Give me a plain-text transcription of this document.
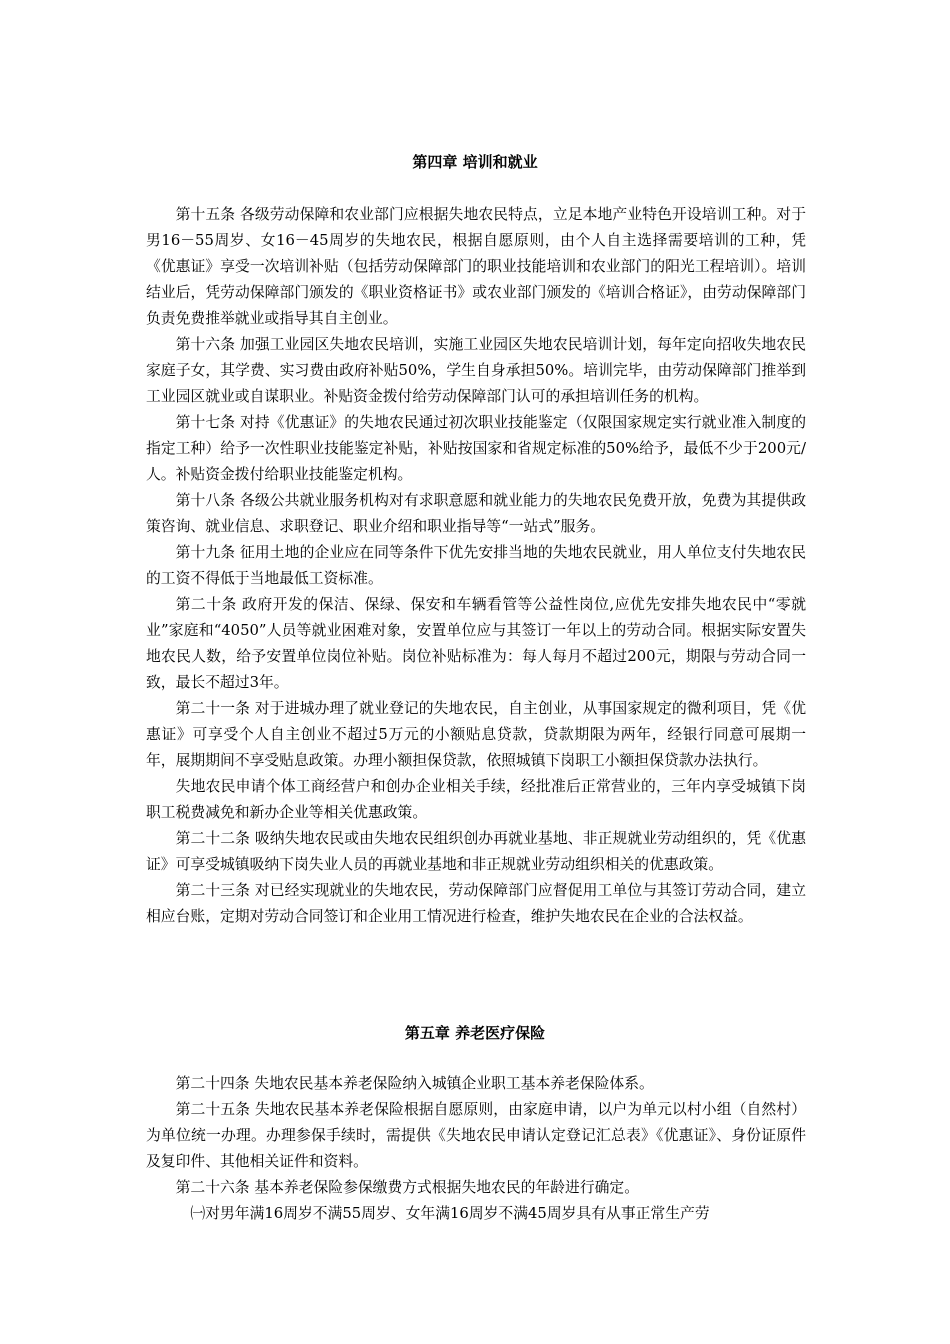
第四章 培训和就业

第十五条 各级劳动保障和农业部门应根据失地农民特点，立足本地产业特色开设培训工种。对于男16－55周岁、女16－45周岁的失地农民，根据自愿原则，由个人自主选择需要培训的工种，凭《优惠证》享受一次培训补贴（包括劳动保障部门的职业技能培训和农业部门的阳光工程培训）。培训结业后，凭劳动保障部门颁发的《职业资格证书》或农业部门颁发的《培训合格证》，由劳动保障部门负责免费推举就业或指导其自主创业。

第十六条 加强工业园区失地农民培训，实施工业园区失地农民培训计划，每年定向招收失地农民家庭子女，其学费、实习费由政府补贴50%，学生自身承担50%。培训完毕，由劳动保障部门推举到工业园区就业或自谋职业。补贴资金拨付给劳动保障部门认可的承担培训任务的机构。

第十七条 对持《优惠证》的失地农民通过初次职业技能鉴定（仅限国家规定实行就业准入制度的指定工种）给予一次性职业技能鉴定补贴，补贴按国家和省规定标准的50%给予，最低不少于200元/人。补贴资金拨付给职业技能鉴定机构。

第十八条 各级公共就业服务机构对有求职意愿和就业能力的失地农民免费开放，免费为其提供政策咨询、就业信息、求职登记、职业介绍和职业指导等“一站式”服务。

第十九条 征用土地的企业应在同等条件下优先安排当地的失地农民就业，用人单位支付失地农民的工资不得低于当地最低工资标准。

第二十条 政府开发的保洁、保绿、保安和车辆看管等公益性岗位,应优先安排失地农民中“零就业”家庭和“4050”人员等就业困难对象，安置单位应与其签订一年以上的劳动合同。根据实际安置失地农民人数，给予安置单位岗位补贴。岗位补贴标准为：每人每月不超过200元，期限与劳动合同一致，最长不超过3年。

第二十一条 对于进城办理了就业登记的失地农民，自主创业，从事国家规定的微利项目，凭《优惠证》可享受个人自主创业不超过5万元的小额贴息贷款，贷款期限为两年，经银行同意可展期一年，展期期间不享受贴息政策。办理小额担保贷款，依照城镇下岗职工小额担保贷款办法执行。

失地农民申请个体工商经营户和创办企业相关手续，经批准后正常营业的，三年内享受城镇下岗职工税费减免和新办企业等相关优惠政策。

第二十二条 吸纳失地农民或由失地农民组织创办再就业基地、非正规就业劳动组织的，凭《优惠证》可享受城镇吸纳下岗失业人员的再就业基地和非正规就业劳动组织相关的优惠政策。

第二十三条 对已经实现就业的失地农民，劳动保障部门应督促用工单位与其签订劳动合同，建立相应台账，定期对劳动合同签订和企业用工情况进行检查，维护失地农民在企业的合法权益。

第五章 养老医疗保险

第二十四条 失地农民基本养老保险纳入城镇企业职工基本养老保险体系。

第二十五条 失地农民基本养老保险根据自愿原则，由家庭申请，以户为单元以村小组（自然村）为单位统一办理。办理参保手续时，需提供《失地农民申请认定登记汇总表》《优惠证》、身份证原件及复印件、其他相关证件和资料。

第二十六条 基本养老保险参保缴费方式根据失地农民的年龄进行确定。

㈠对男年满16周岁不满55周岁、女年满16周岁不满45周岁具有从事正常生产劳
